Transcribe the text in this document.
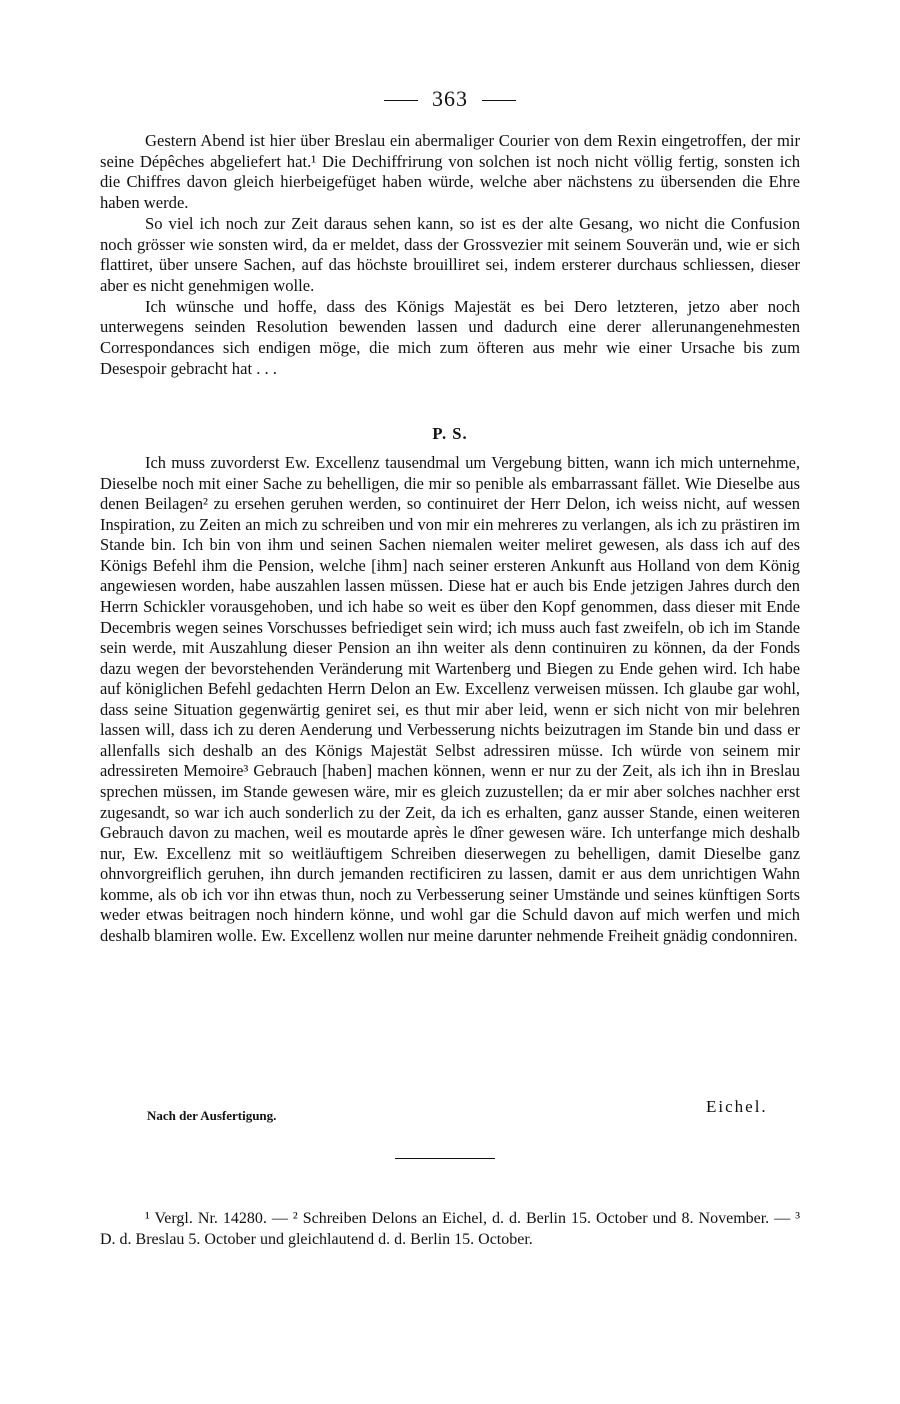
363

Gestern Abend ist hier über Breslau ein abermaliger Courier von dem Rexin eingetroffen, der mir seine Dépêches abgeliefert hat.¹ Die Dechiffrirung von solchen ist noch nicht völlig fertig, sonsten ich die Chiffres davon gleich hierbeigefüget haben würde, welche aber nächstens zu übersenden die Ehre haben werde.

So viel ich noch zur Zeit daraus sehen kann, so ist es der alte Gesang, wo nicht die Confusion noch grösser wie sonsten wird, da er meldet, dass der Grossvezier mit seinem Souverän und, wie er sich flattiret, über unsere Sachen, auf das höchste brouilliret sei, indem ersterer durchaus schliessen, dieser aber es nicht genehmigen wolle.

Ich wünsche und hoffe, dass des Königs Majestät es bei Dero letzteren, jetzo aber noch unterwegens seinden Resolution bewenden lassen und dadurch eine derer allerunangenehmesten Correspondances sich endigen möge, die mich zum öfteren aus mehr wie einer Ursache bis zum Desespoir gebracht hat . . .

P. S.

Ich muss zuvorderst Ew. Excellenz tausendmal um Vergebung bitten, wann ich mich unternehme, Dieselbe noch mit einer Sache zu behelligen, die mir so penible als embarrassant fället. Wie Dieselbe aus denen Beilagen² zu ersehen geruhen werden, so continuiret der Herr Delon, ich weiss nicht, auf wessen Inspiration, zu Zeiten an mich zu schreiben und von mir ein mehreres zu verlangen, als ich zu prästiren im Stande bin. Ich bin von ihm und seinen Sachen niemalen weiter meliret gewesen, als dass ich auf des Königs Befehl ihm die Pension, welche [ihm] nach seiner ersteren Ankunft aus Holland von dem König angewiesen worden, habe auszahlen lassen müssen. Diese hat er auch bis Ende jetzigen Jahres durch den Herrn Schickler vorausgehoben, und ich habe so weit es über den Kopf genommen, dass dieser mit Ende Decembris wegen seines Vorschusses befriediget sein wird; ich muss auch fast zweifeln, ob ich im Stande sein werde, mit Auszahlung dieser Pension an ihn weiter als denn continuiren zu können, da der Fonds dazu wegen der bevorstehenden Veränderung mit Wartenberg und Biegen zu Ende gehen wird. Ich habe auf königlichen Befehl gedachten Herrn Delon an Ew. Excellenz verweisen müssen. Ich glaube gar wohl, dass seine Situation gegenwärtig geniret sei, es thut mir aber leid, wenn er sich nicht von mir belehren lassen will, dass ich zu deren Aenderung und Verbesserung nichts beizutragen im Stande bin und dass er allenfalls sich deshalb an des Königs Majestät Selbst adressiren müsse. Ich würde von seinem mir adressireten Memoire³ Gebrauch [haben] machen können, wenn er nur zu der Zeit, als ich ihn in Breslau sprechen müssen, im Stande gewesen wäre, mir es gleich zuzustellen; da er mir aber solches nachher erst zugesandt, so war ich auch sonderlich zu der Zeit, da ich es erhalten, ganz ausser Stande, einen weiteren Gebrauch davon zu machen, weil es moutarde après le dîner gewesen wäre. Ich unterfange mich deshalb nur, Ew. Excellenz mit so weitläuftigem Schreiben dieserwegen zu behelligen, damit Dieselbe ganz ohnvorgreiflich geruhen, ihn durch jemanden rectificiren zu lassen, damit er aus dem unrichtigen Wahn komme, als ob ich vor ihn etwas thun, noch zu Verbesserung seiner Umstände und seines künftigen Sorts weder etwas beitragen noch hindern könne, und wohl gar die Schuld davon auf mich werfen und mich deshalb blamiren wolle. Ew. Excellenz wollen nur meine darunter nehmende Freiheit gnädig condonniren.

Nach der Ausfertigung.	Eichel.

¹ Vergl. Nr. 14280. — ² Schreiben Delons an Eichel, d. d. Berlin 15. October und 8. November. — ³ D. d. Breslau 5. October und gleichlautend d. d. Berlin 15. October.
